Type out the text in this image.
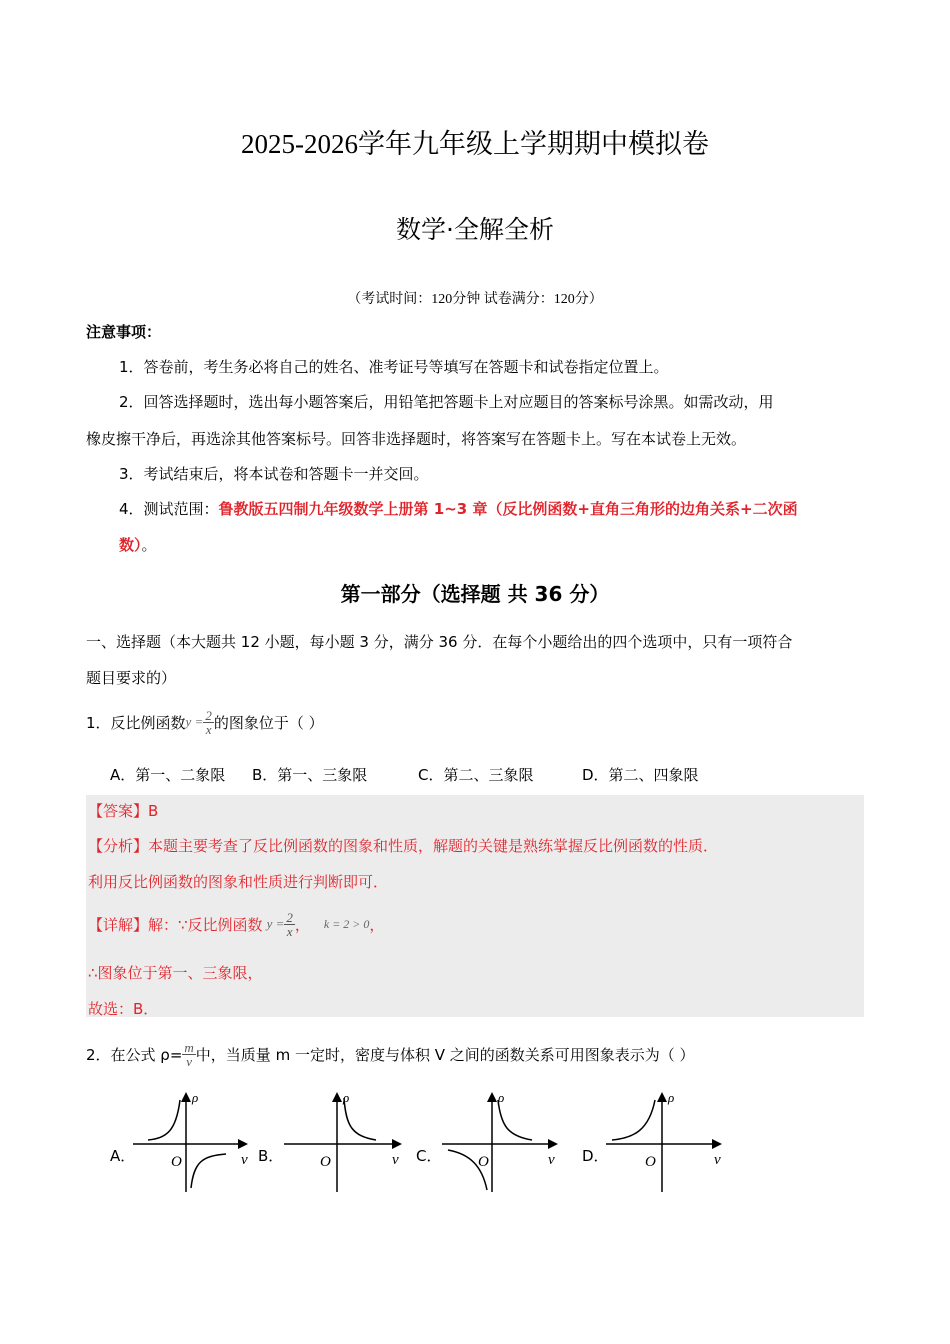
2025-2026学年九年级上学期期中模拟卷
数学·全解全析
（考试时间：120分钟 试卷满分：120分）
注意事项：
1．答卷前，考生务必将自己的姓名、准考证号等填写在答题卡和试卷指定位置上。
2．回答选择题时，选出每小题答案后，用铅笔把答题卡上对应题目的答案标号涂黑。如需改动，用
橡皮擦干净后，再选涂其他答案标号。回答非选择题时，将答案写在答题卡上。写在本试卷上无效。
3．考试结束后，将本试卷和答题卡一并交回。
4．测试范围：鲁教版五四制九年级数学上册第 1~3 章（反比例函数+直角三角形的边角关系+二次函
数）。
第一部分（选择题 共 36 分）
一、选择题（本大题共 12 小题，每小题 3 分，满分 36 分．在每个小题给出的四个选项中，只有一项符合
题目要求的）
1．反比例函数 $y = \frac{2}{x}$ 的图象位于（ ）
A．第一、二象限 B．第一、三象限	C．第二、三象限	D．第二、四象限
【答案】B
【分析】本题主要考查了反比例函数的图象和性质，解题的关键是熟练掌握反比例函数的性质．
利用反比例函数的图象和性质进行判断即可．
【详解】 解：∵反比例函数 $y = \frac{2}{x}$ ， k = 2 > 0 ，
∴图象位于第一、三象限，
故选：B．
2．在公式 $\rho= \frac{m}{v}$ 中，当质量 m 一定时，密度与体积 V 之间的函数关系可用图象表示为（ ）
A．	B．	C．	D．
ρ
v
O
ρ
v
O
ρ
v
O
ρ
v
O
